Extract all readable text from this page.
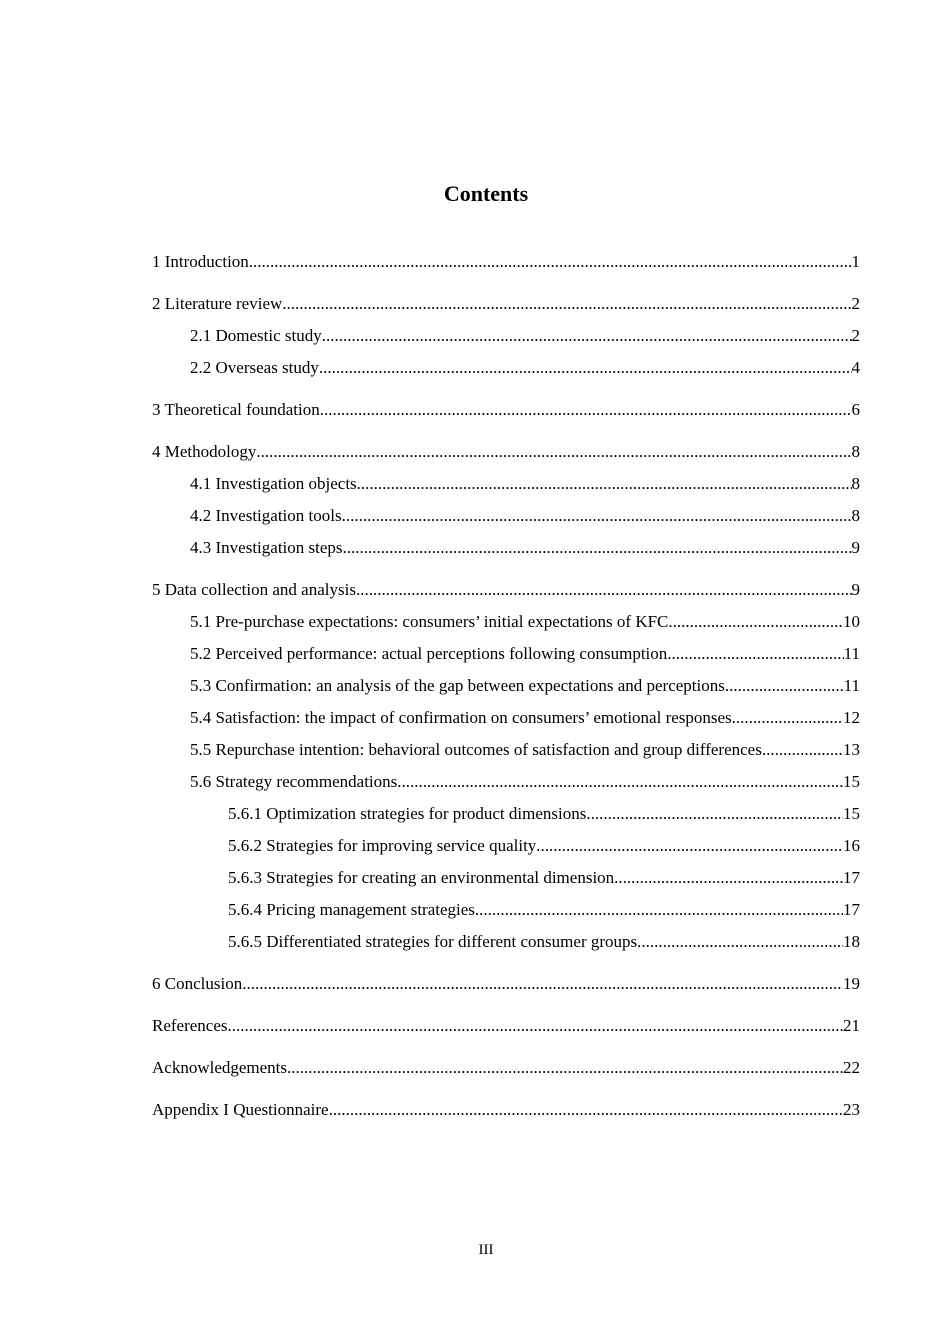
Contents
1 Introduction .....	1
2 Literature review .....	2
2.1 Domestic study .....	2
2.2 Overseas study .....	4
3 Theoretical foundation .....	6
4 Methodology .....	8
4.1 Investigation objects .....	8
4.2 Investigation tools .....	8
4.3 Investigation steps .....	9
5 Data collection and analysis .....	9
5.1 Pre-purchase expectations: consumers’ initial expectations of KFC .....	10
5.2 Perceived performance: actual perceptions following consumption .....	11
5.3 Confirmation: an analysis of the gap between expectations and perceptions .....	11
5.4 Satisfaction: the impact of confirmation on consumers’ emotional responses .....	12
5.5 Repurchase intention: behavioral outcomes of satisfaction and group differences .....	13
5.6 Strategy recommendations .....	15
5.6.1 Optimization strategies for product dimensions .....	15
5.6.2 Strategies for improving service quality .....	16
5.6.3 Strategies for creating an environmental dimension .....	17
5.6.4 Pricing management strategies .....	17
5.6.5 Differentiated strategies for different consumer groups .....	18
6 Conclusion .....	19
References .....	21
Acknowledgements .....	22
Appendix I Questionnaire .....	23
III
